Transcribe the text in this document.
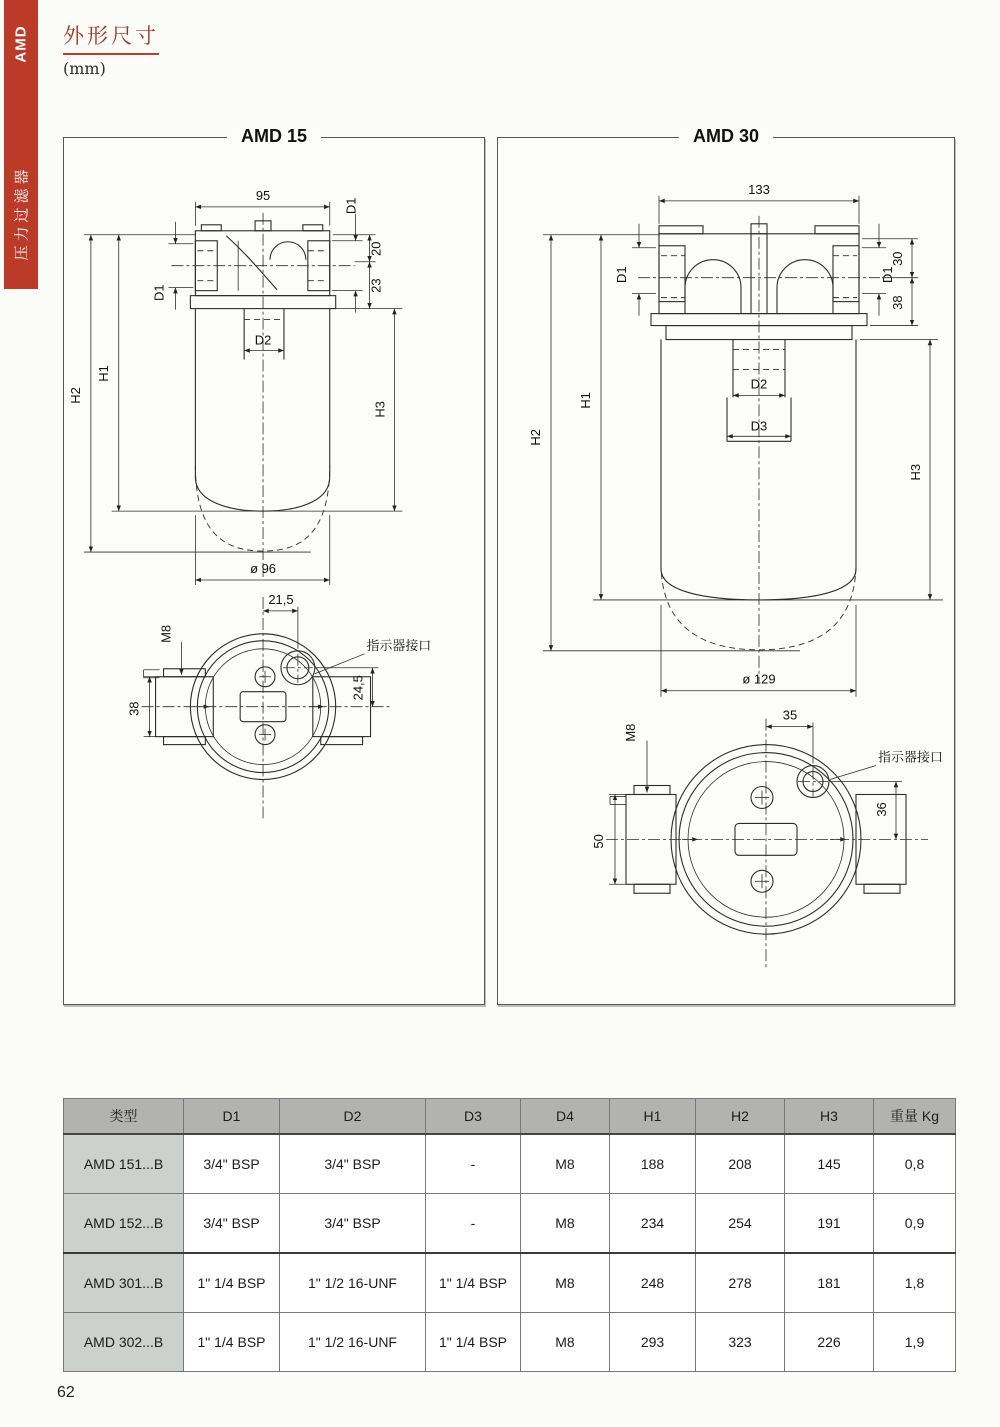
AMD
压力过滤器
外形尺寸
(mm)
AMD 15
95
D1
20
23
D1
D2
H2
H1
H3
ø 96
21,5
M8
38
24,5
指示器接口
AMD 30
133
D1	D1
30
38
H2
H1
H3
D2
D3
ø 129
35
M8
50
36
指示器接口
类型	D1	D2	D3	D4	H1	H2	H3	重量 Kg
AMD 151...B	3/4" BSP	3/4" BSP	-	M8	188	208	145	0,8
AMD 152...B	3/4" BSP	3/4" BSP	-	M8	234	254	191	0,9
AMD 301...B	1" 1/4 BSP	1" 1/2 16-UNF	1" 1/4 BSP	M8	248	278	181	1,8
AMD 302...B	1" 1/4 BSP	1" 1/2 16-UNF	1" 1/4 BSP	M8	293	323	226	1,9
62
